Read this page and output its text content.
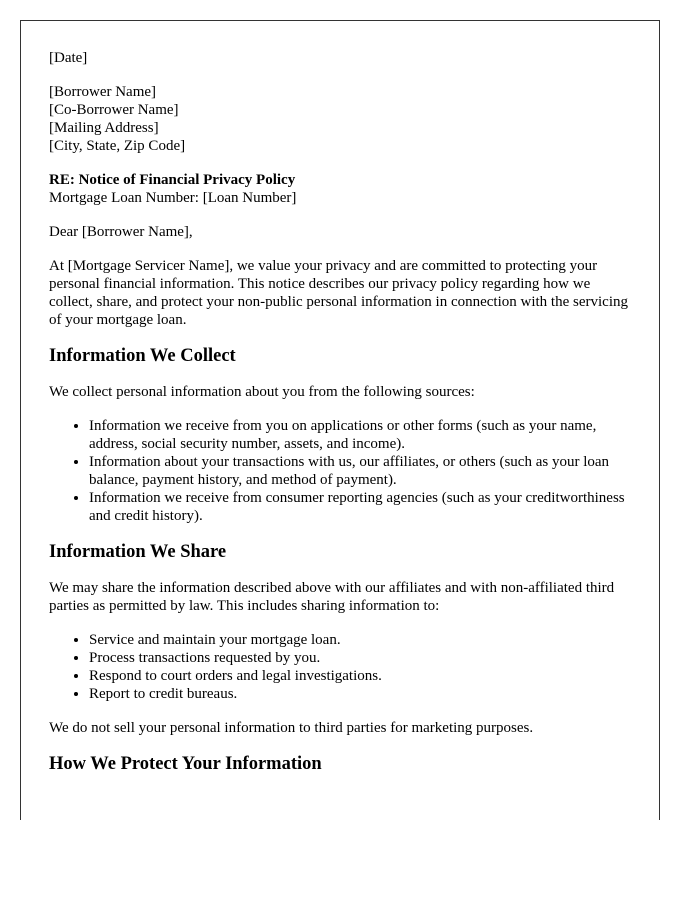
[Date]

[Borrower Name]
[Co-Borrower Name]
[Mailing Address]
[City, State, Zip Code]
RE: Notice of Financial Privacy Policy
Mortgage Loan Number: [Loan Number]

Dear [Borrower Name],

At [Mortgage Servicer Name], we value your privacy and are committed to protecting your personal financial information. This notice describes our privacy policy regarding how we collect, share, and protect your non-public personal information in connection with the servicing of your mortgage loan.

Information We Collect

We collect personal information about you from the following sources:

• Information we receive from you on applications or other forms (such as your name, address, social security number, assets, and income).
• Information about your transactions with us, our affiliates, or others (such as your loan balance, payment history, and method of payment).
• Information we receive from consumer reporting agencies (such as your creditworthiness and credit history).
Information We Share

We may share the information described above with our affiliates and with non-affiliated third parties as permitted by law. This includes sharing information to:

• Service and maintain your mortgage loan.
• Process transactions requested by you.
• Respond to court orders and legal investigations.
• Report to credit bureaus.

We do not sell your personal information to third parties for marketing purposes.

How We Protect Your Information
